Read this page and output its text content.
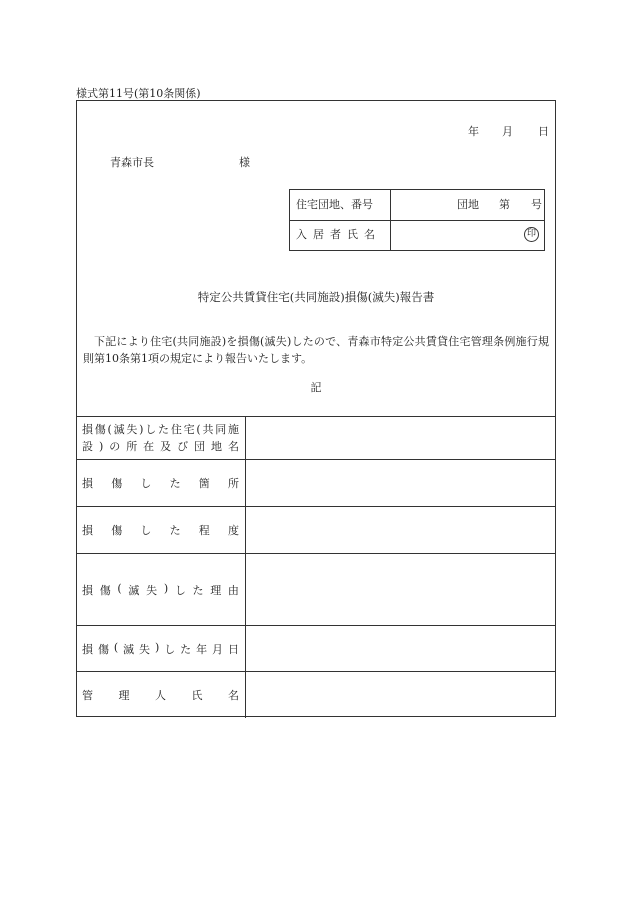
様式第11号(第10条関係)
年	月	日
青森市長	様
住宅団地、番号	団地 第 号
入居者氏名	印
特定公共賃貸住宅(共同施設)損傷(滅失)報告書
下記により住宅(共同施設)を損傷(滅失)したので、青森市特定公共賃貸住宅管理条例施行規則第10条第1項の規定により報告いたします。
記
損傷(滅失)した住宅(共同施
設)の所在及び団地名
損 傷 し た 箇 所
損 傷 し た 程 度
損 傷 ( 滅 失 ) し た 理 由
損 傷 ( 滅 失 ) し た 年 月 日
管 理 人 氏 名
